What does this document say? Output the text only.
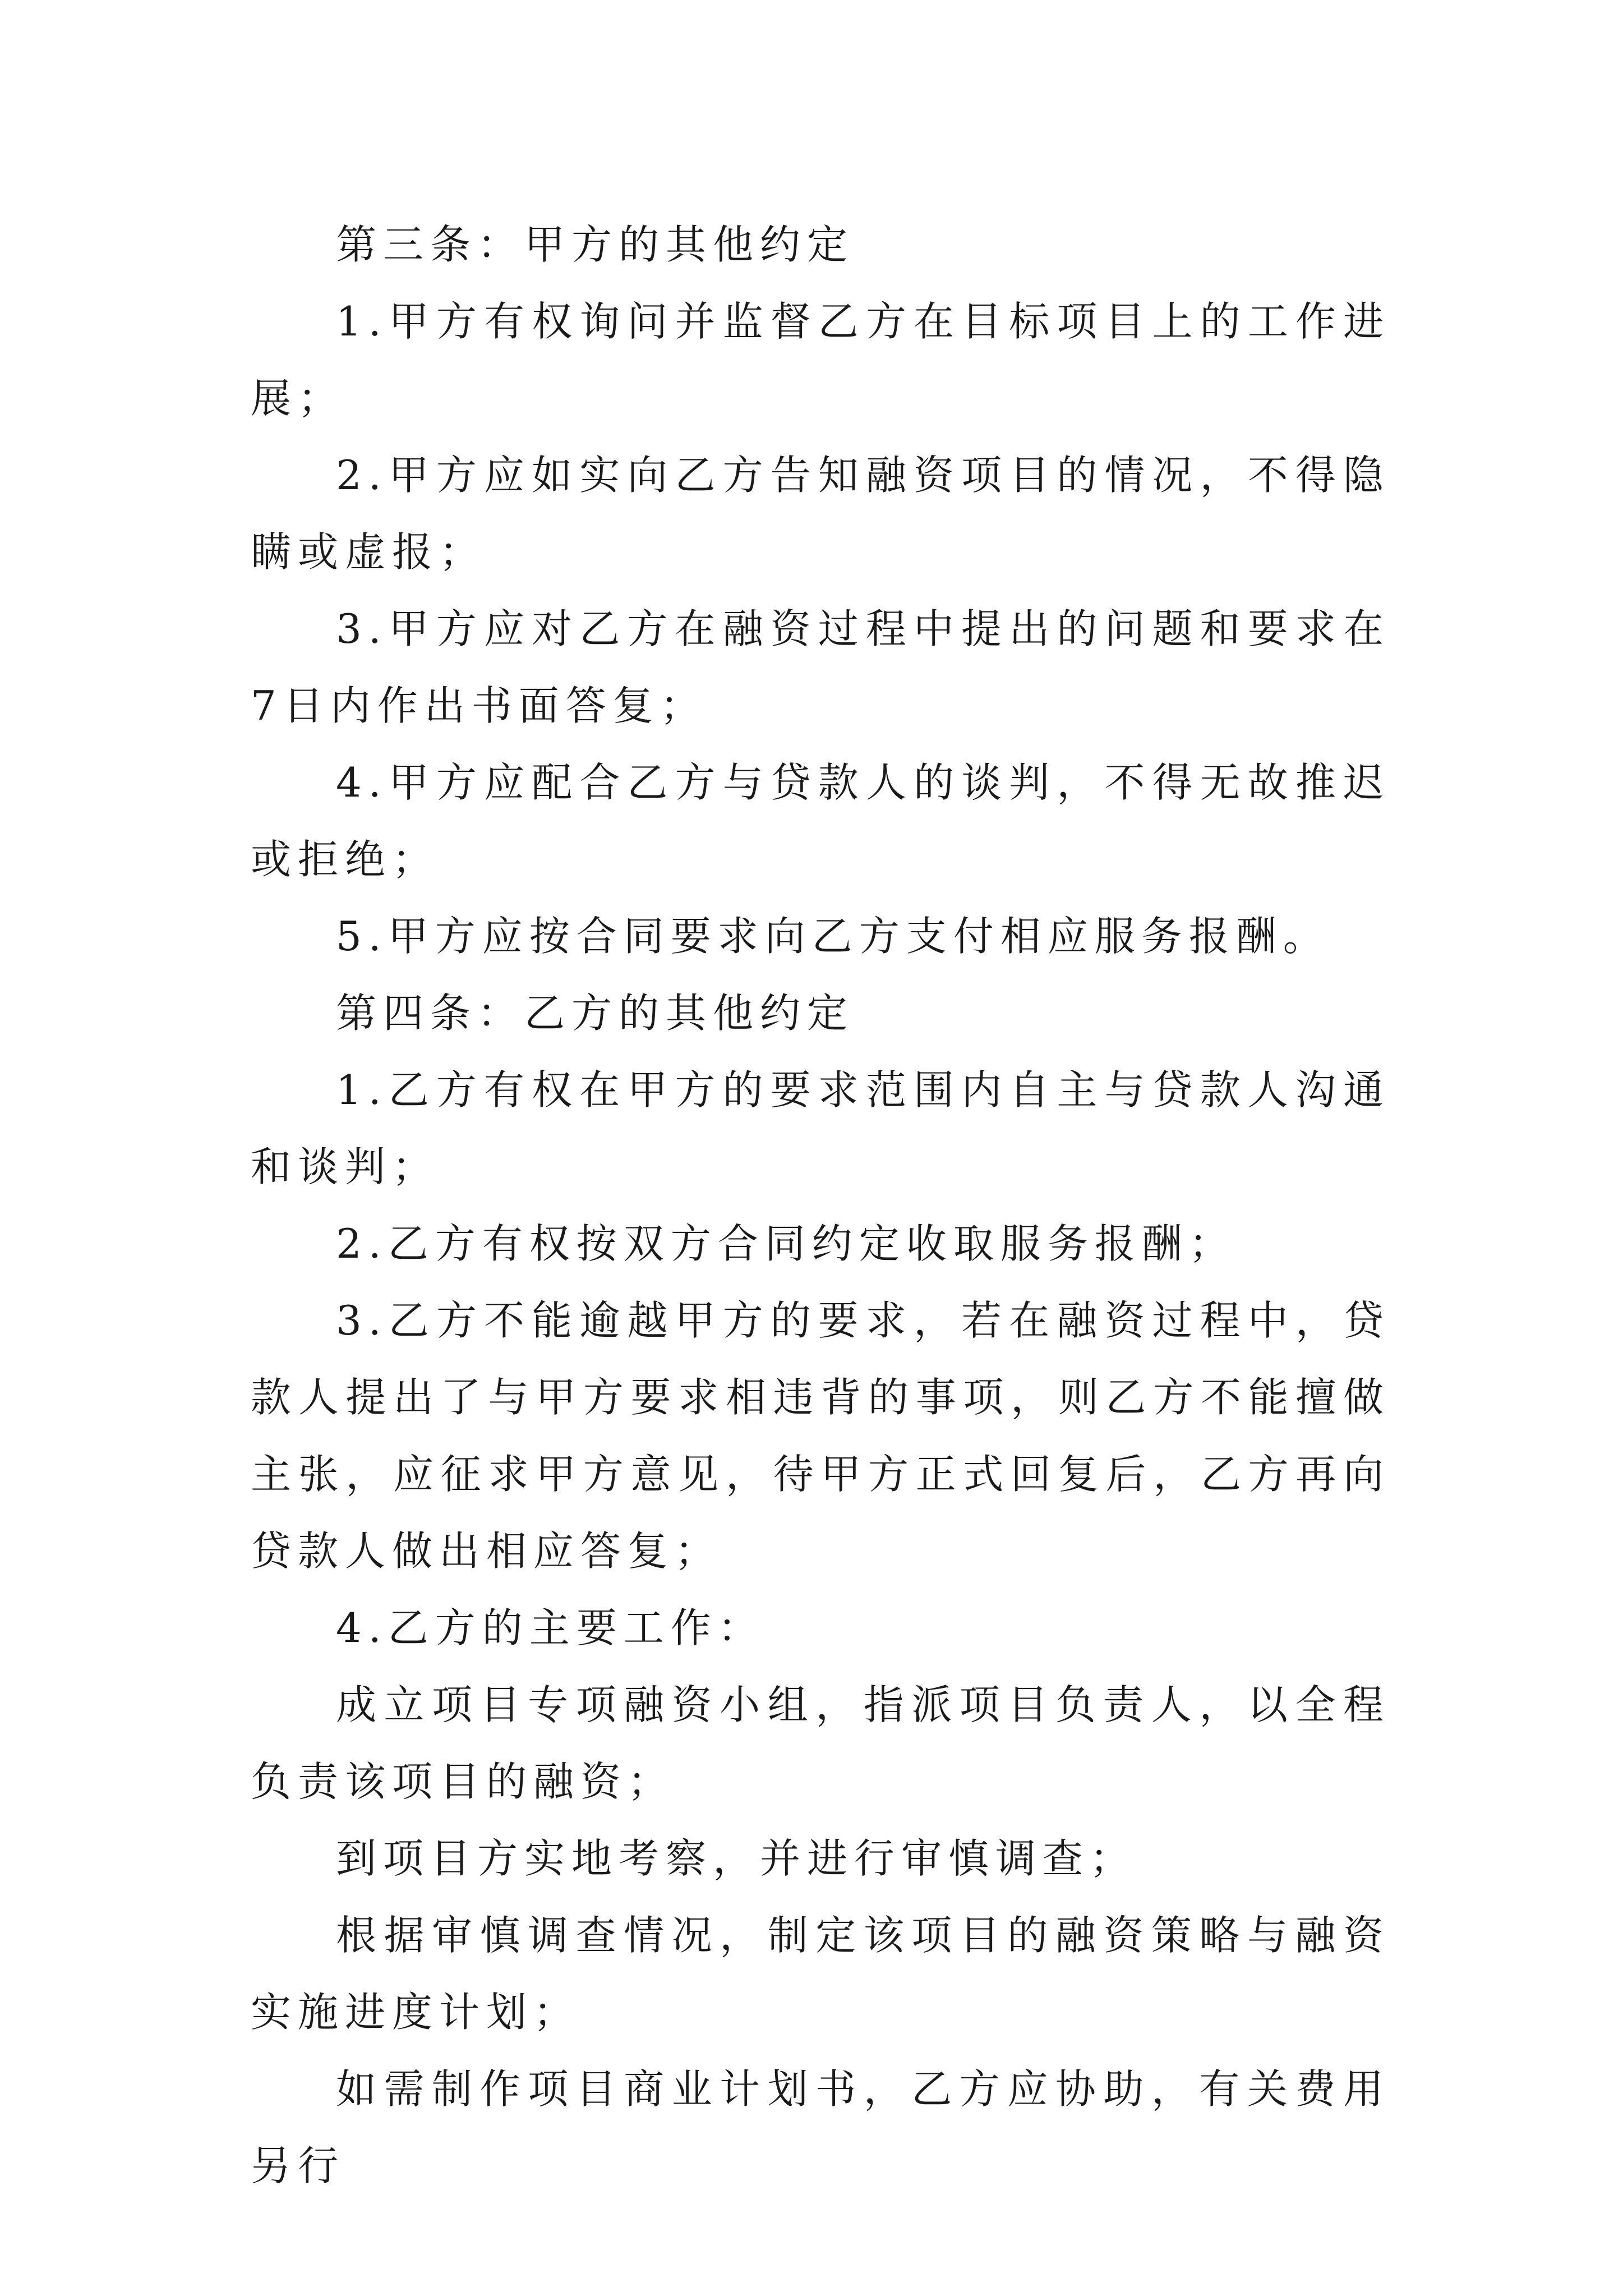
第三条：甲方的其他约定

1.甲方有权询问并监督乙方在目标项目上的工作进展；

2.甲方应如实向乙方告知融资项目的情况，不得隐瞒或虚报；

3.甲方应对乙方在融资过程中提出的问题和要求在7日内作出书面答复；

4.甲方应配合乙方与贷款人的谈判，不得无故推迟或拒绝；

5.甲方应按合同要求向乙方支付相应服务报酬。

第四条：乙方的其他约定

1.乙方有权在甲方的要求范围内自主与贷款人沟通和谈判；

2.乙方有权按双方合同约定收取服务报酬；

3.乙方不能逾越甲方的要求，若在融资过程中，贷款人提出了与甲方要求相违背的事项，则乙方不能擅做主张，应征求甲方意见，待甲方正式回复后，乙方再向贷款人做出相应答复；

4.乙方的主要工作：

成立项目专项融资小组，指派项目负责人，以全程负责该项目的融资；

到项目方实地考察，并进行审慎调查；

根据审慎调查情况，制定该项目的融资策略与融资实施进度计划；

如需制作项目商业计划书，乙方应协助，有关费用另行
